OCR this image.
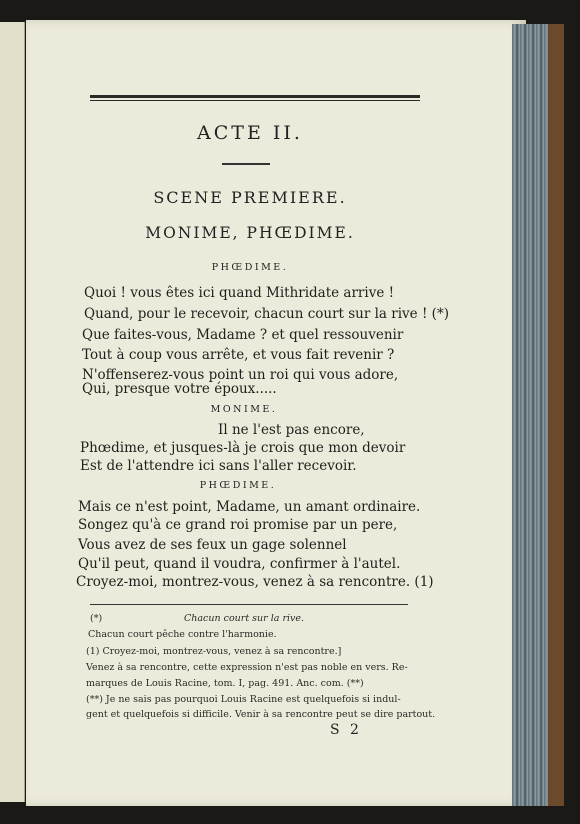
ACTE II.
SCENE PREMIERE.
MONIME, PHŒDIME.
PHŒDIME.
Quoi ! vous êtes ici quand Mithridate arrive !
Quand, pour le recevoir, chacun court sur la rive ! (*)
Que faites-vous, Madame ? et quel ressouvenir
Tout à coup vous arrête, et vous fait revenir ?
N'offenserez-vous point un roi qui vous adore,
Qui, presque votre époux.....
MONIME.
Il ne l'est pas encore,
Phœdime, et jusques-là je crois que mon devoir
Est de l'attendre ici sans l'aller recevoir.
PHŒDIME.
Mais ce n'est point, Madame, un amant ordinaire.
Songez qu'à ce grand roi promise par un pere,
Vous avez de ses feux un gage solennel
Qu'il peut, quand il voudra, confirmer à l'autel.
Croyez-moi, montrez-vous, venez à sa rencontre. (1)
(*)	Chacun court sur la rive.
Chacun court pêche contre l'harmonie.
(1) Croyez-moi, montrez-vous, venez à sa rencontre.]
Venez à sa rencontre, cette expression n'est pas noble en vers. Re-
marques de Louis Racine, tom. I, pag. 491. Anc. com. (**)
(**) Je ne sais pas pourquoi Louis Racine est quelquefois si indul-
gent et quelquefois si difficile. Venir à sa rencontre peut se dire partout.
S 2
